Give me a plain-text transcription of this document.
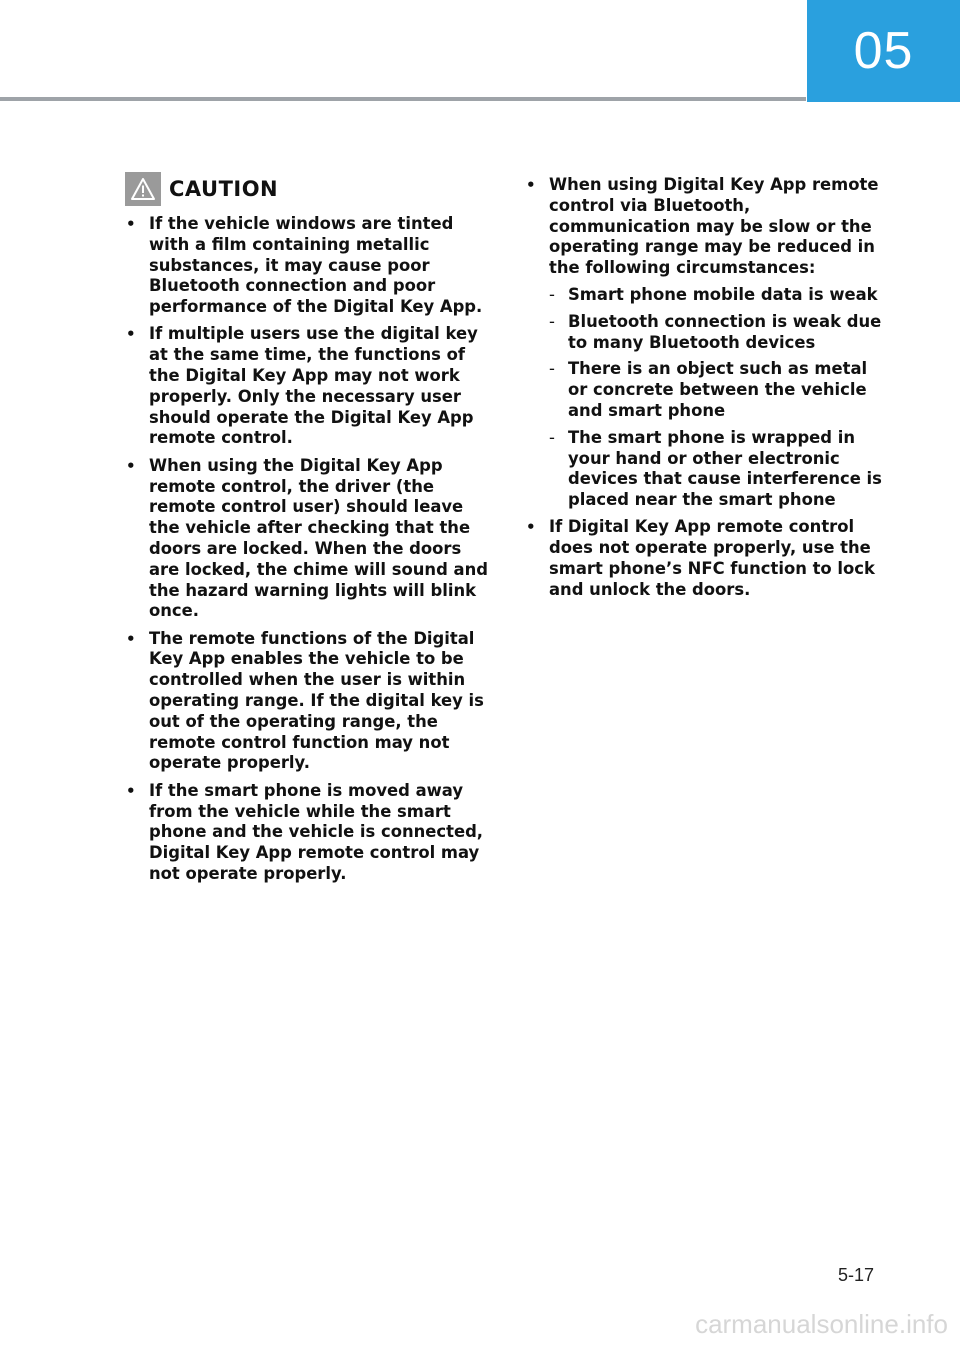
05
CAUTION
• If the vehicle windows are tinted with a film containing metallic substances, it may cause poor Bluetooth connection and poor performance of the Digital Key App.
• If multiple users use the digital key at the same time, the functions of the Digital Key App may not work properly. Only the necessary user should operate the Digital Key App remote control.
• When using the Digital Key App remote control, the driver (the remote control user) should leave the vehicle after checking that the doors are locked. When the doors are locked, the chime will sound and the hazard warning lights will blink once.
• The remote functions of the Digital Key App enables the vehicle to be controlled when the user is within operating range. If the digital key is out of the operating range, the remote control function may not operate properly.
• If the smart phone is moved away from the vehicle while the smart phone and the vehicle is connected, Digital Key App remote control may not operate properly.
• When using Digital Key App remote control via Bluetooth, communication may be slow or the operating range may be reduced in the following circumstances:
- Smart phone mobile data is weak
- Bluetooth connection is weak due to many Bluetooth devices
- There is an object such as metal or concrete between the vehicle and smart phone
- The smart phone is wrapped in your hand or other electronic devices that cause interference is placed near the smart phone
• If Digital Key App remote control does not operate properly, use the smart phone’s NFC function to lock and unlock the doors.
5-17
carmanualsonline.info
